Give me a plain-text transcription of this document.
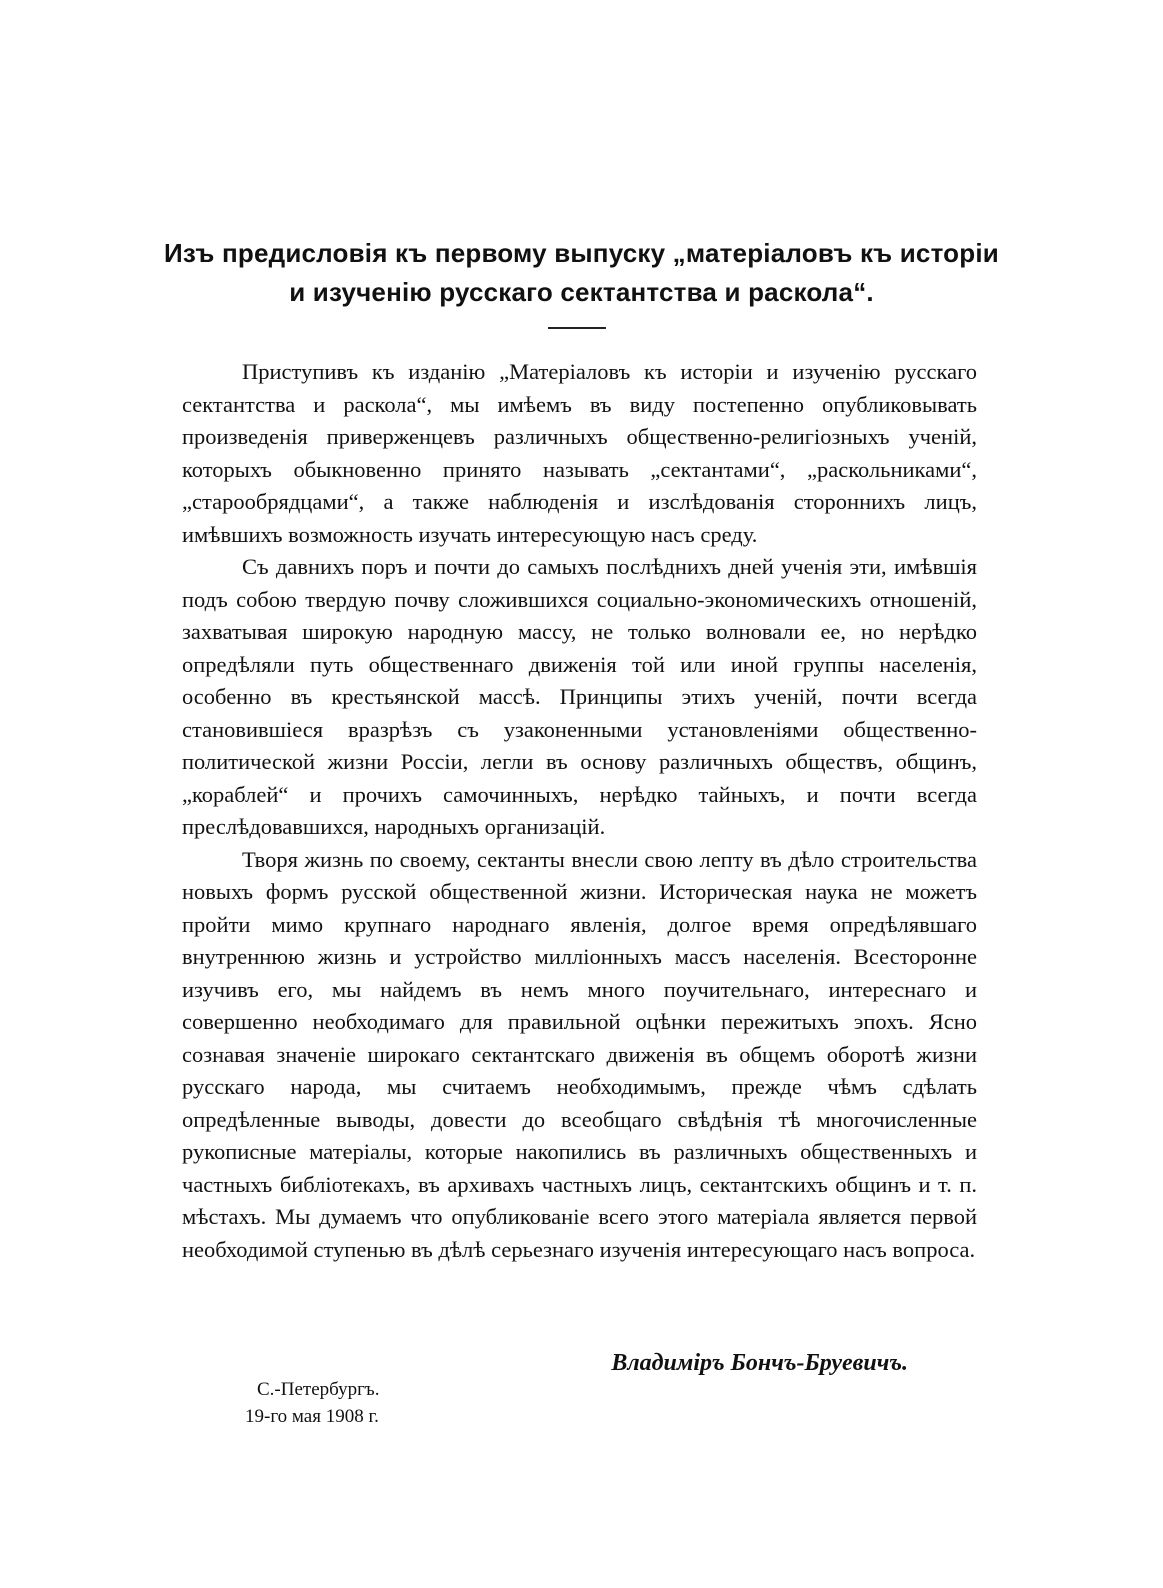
Изъ предисловія къ первому выпуску „матеріаловъ къ исторіи
и изученію русскаго сектантства и раскола“.

Приступивъ къ изданію „Матеріаловъ къ исторіи и изученію русскаго сектантства и раскола“, мы имѣемъ въ виду постепенно опубликовывать произведенія приверженцевъ различныхъ общественно-религіозныхъ ученій, которыхъ обыкновенно принято называть „сектантами“, „раскольниками“, „старообрядцами“, а также наблюденія и изслѣдованія стороннихъ лицъ, имѣвшихъ возможность изучать интересующую насъ среду.

Съ давнихъ поръ и почти до самыхъ послѣднихъ дней ученія эти, имѣвшія подъ собою твердую почву сложившихся социально-экономическихъ отношеній, захватывая широкую народную массу, не только волновали ее, но нерѣдко опредѣляли путь общественнаго движенія той или иной группы населенія, особенно въ крестьянской массѣ. Принципы этихъ ученій, почти всегда становившіеся вразрѣзъ съ узаконенными установленіями общественно-политической жизни Россіи, легли въ основу различныхъ обществъ, общинъ, „кораблей“ и прочихъ самочинныхъ, нерѣдко тайныхъ, и почти всегда преслѣдовавшихся, народныхъ организацій.

Творя жизнь по своему, сектанты внесли свою лепту въ дѣло строительства новыхъ формъ русской общественной жизни. Историческая наука не можетъ пройти мимо крупнаго народнаго явленія, долгое время опредѣлявшаго внутреннюю жизнь и устройство милліонныхъ массъ населенія. Всесторонне изучивъ его, мы найдемъ въ немъ много поучительнаго, интереснаго и совершенно необходимаго для правильной оцѣнки пережитыхъ эпохъ. Ясно сознавая значеніе широкаго сектантскаго движенія въ общемъ оборотѣ жизни русскаго народа, мы считаемъ необходимымъ, прежде чѣмъ сдѣлать опредѣленные выводы, довести до всеобщаго свѣдѣнія тѣ многочисленные рукописные матеріалы, которые накопились въ различныхъ общественныхъ и частныхъ библіотекахъ, въ архивахъ частныхъ лицъ, сектантскихъ общинъ и т. п. мѣстахъ. Мы думаемъ что опубликованіе всего этого матеріала является первой необходимой ступенью въ дѣлѣ серьезнаго изученія интересующаго насъ вопроса.

Владиміръ Бончъ-Бруевичъ.
С.-Петербургъ.
19-го мая 1908 г.
